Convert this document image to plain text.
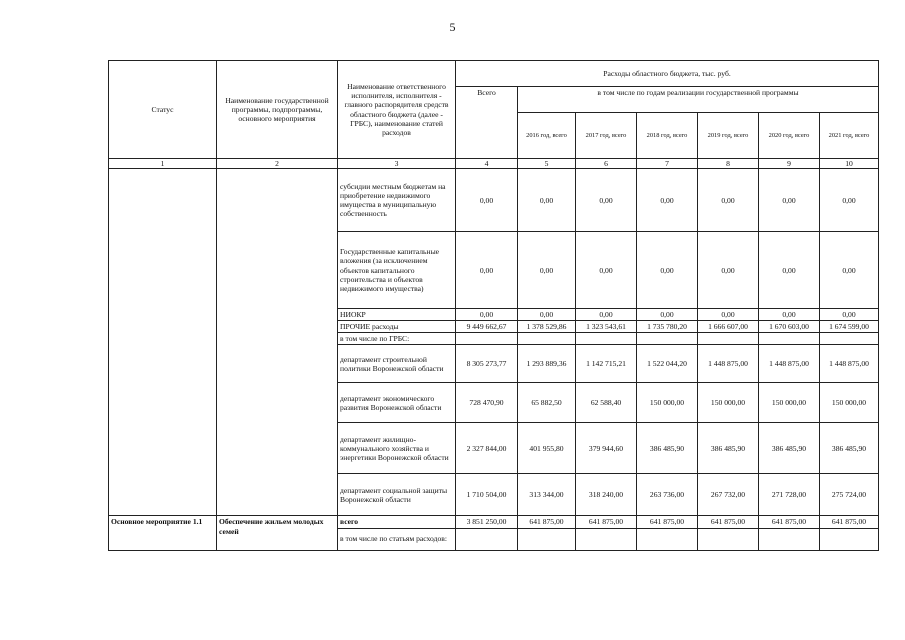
5
Статус	Наименование государственной программы, подпрограммы, основного мероприятия	Наименование ответственного исполнителя, исполнителя - главного распорядителя средств областного бюджета (далее - ГРБС), наименование статей расходов	Расходы областного бюджета, тыс. руб.						
			Всего	в том числе по годам реализации государственной программы					
				2016 год, всего	2017 год, всего	2018 год, всего	2019 год, всего	2020 год, всего	2021 год, всего
1	2	3	4	5	6	7	8	9	10
		субсидии местным бюджетам на приобретение недвижимого имущества в муниципальную собственность	0,00	0,00	0,00	0,00	0,00	0,00	0,00
		Государственные капитальные вложения (за исключением объектов капитального строительства и объектов недвижимого имущества)	0,00	0,00	0,00	0,00	0,00	0,00	0,00
		НИОКР	0,00	0,00	0,00	0,00	0,00	0,00	0,00
		ПРОЧИЕ расходы	9 449 662,67	1 378 529,86	1 323 543,61	1 735 780,20	1 666 607,00	1 670 603,00	1 674 599,00
		в том числе по ГРБС:							
		департамент строительной политики Воронежской области	8 305 273,77	1 293 889,36	1 142 715,21	1 522 044,20	1 448 875,00	1 448 875,00	1 448 875,00
		департамент экономического развития Воронежской области	728 470,90	65 882,50	62 588,40	150 000,00	150 000,00	150 000,00	150 000,00
		департамент жилищно-коммунального хозяйства и энергетики Воронежской области	2 327 844,00	401 955,80	379 944,60	386 485,90	386 485,90	386 485,90	386 485,90
		департамент социальной защиты Воронежской области	1 710 504,00	313 344,00	318 240,00	263 736,00	267 732,00	271 728,00	275 724,00
Основное мероприятие 1.1	Обеспечение жильем молодых семей	всего	3 851 250,00	641 875,00	641 875,00	641 875,00	641 875,00	641 875,00	641 875,00
		в том числе по статьям расходов:							
